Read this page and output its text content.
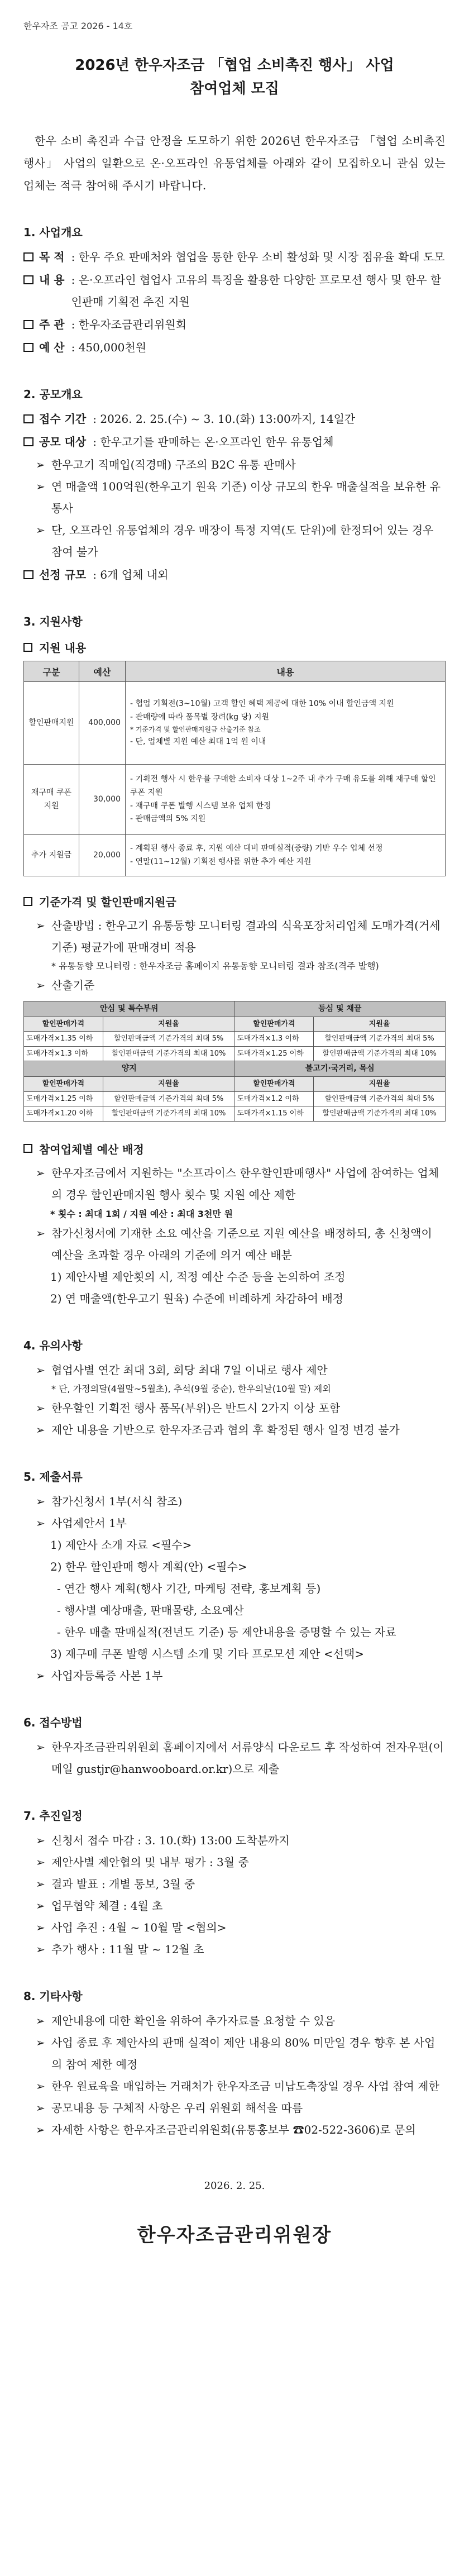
한우자조 공고 2026 - 14호
2026년 한우자조금 「협업 소비촉진 행사」 사업
참여업체 모집
한우 소비 촉진과 수급 안정을 도모하기 위한 2026년 한우자조금 「협업 소비촉진 행사」 사업의 일환으로 온·오프라인 유통업체를 아래와 같이 모집하오니 관심 있는 업체는 적극 참여해 주시기 바랍니다.
1. 사업개요
목 적 : 한우 주요 판매처와 협업을 통한 한우 소비 활성화 및 시장 점유율 확대 도모
내 용 : 온·오프라인 협업사 고유의 특징을 활용한 다양한 프로모션 행사 및 한우 할인판매 기획전 추진 지원
주 관 : 한우자조금관리위원회
예 산 : 450,000천원
2. 공모개요
접수 기간 : 2026. 2. 25.(수) ~ 3. 10.(화) 13:00까지, 14일간
공모 대상 : 한우고기를 판매하는 온·오프라인 한우 유통업체
➢ 한우고기 직매입(직경매) 구조의 B2C 유통 판매사
➢ 연 매출액 100억원(한우고기 원육 기준) 이상 규모의 한우 매출실적을 보유한 유통사
➢ 단, 오프라인 유통업체의 경우 매장이 특정 지역(도 단위)에 한정되어 있는 경우 참여 불가
선정 규모 : 6개 업체 내외
3. 지원사항
지원 내용
구분	예산	내용
할인판매지원	400,000	- 협업 기획전(3~10월) 고객 할인 혜택 제공에 대한 10% 이내 할인금액 지원
- 판매량에 따라 품목별 장려(kg 당) 지원
* 기준가격 및 할인판매지원금 산출기준 참조
- 단, 업체별 지원 예산 최대 1억 원 이내

재구매 쿠폰 지원	30,000	- 기획전 행사 시 한우를 구매한 소비자 대상 1~2주 내 추가 구매 유도를 위해 재구매 할인 쿠폰 지원
- 재구매 쿠폰 발행 시스템 보유 업체 한정
- 판매금액의 5% 지원

추가 지원금	20,000	- 계획된 행사 종료 후, 지원 예산 대비 판매실적(증량) 기반 우수 업체 선정
- 연말(11~12월) 기획전 행사를 위한 추가 예산 지원
기준가격 및 할인판매지원금
➢ 산출방법 : 한우고기 유통동향 모니터링 결과의 식육포장처리업체 도매가격(거세 기준) 평균가에 판매경비 적용
* 유통동향 모니터링 : 한우자조금 홈페이지 유통동향 모니터링 결과 참조(격주 발행)
➢ 산출기준
안심 및 특수부위		등심 및 채끝	
할인판매가격	지원율	할인판매가격	지원율
도매가격×1.35 이하	할인판매금액 기준가격의 최대 5%	도매가격×1.3 이하	할인판매금액 기준가격의 최대 5%
도매가격×1.3 이하	할인판매금액 기준가격의 최대 10%	도매가격×1.25 이하	할인판매금액 기준가격의 최대 10%
양지		불고기·국거리, 목심	
할인판매가격	지원율	할인판매가격	지원율
도매가격×1.25 이하	할인판매금액 기준가격의 최대 5%	도매가격×1.2 이하	할인판매금액 기준가격의 최대 5%
도매가격×1.20 이하	할인판매금액 기준가격의 최대 10%	도매가격×1.15 이하	할인판매금액 기준가격의 최대 10%
참여업체별 예산 배정
➢ 한우자조금에서 지원하는 "소프라이스 한우할인판매행사" 사업에 참여하는 업체의 경우 할인판매지원 행사 횟수 및 지원 예산 제한
* 횟수 : 최대 1회 / 지원 예산 : 최대 3천만 원
➢ 참가신청서에 기재한 소요 예산을 기준으로 지원 예산을 배정하되, 총 신청액이 예산을 초과할 경우 아래의 기준에 의거 예산 배분
1) 제안사별 제안횟의 시, 적정 예산 수준 등을 논의하여 조정
2) 연 매출액(한우고기 원육) 수준에 비례하게 차감하여 배정
4. 유의사항
➢ 협업사별 연간 최대 3회, 회당 최대 7일 이내로 행사 제안
* 단, 가정의달(4월말~5월초), 추석(9월 중순), 한우의날(10월 말) 제외
➢ 한우할인 기획전 행사 품목(부위)은 반드시 2가지 이상 포함
➢ 제안 내용을 기반으로 한우자조금과 협의 후 확정된 행사 일정 변경 불가
5. 제출서류
➢ 참가신청서 1부(서식 참조)
➢ 사업제안서 1부
1) 제안사 소개 자료 <필수>
2) 한우 할인판매 행사 계획(안) <필수>
- 연간 행사 계획(행사 기간, 마케팅 전략, 홍보계획 등)
- 행사별 예상매출, 판매물량, 소요예산
- 한우 매출 판매실적(전년도 기준) 등 제안내용을 증명할 수 있는 자료
3) 재구매 쿠폰 발행 시스템 소개 및 기타 프로모션 제안 <선택>
➢ 사업자등록증 사본 1부
6. 접수방법
➢ 한우자조금관리위원회 홈페이지에서 서류양식 다운로드 후 작성하여 전자우편(이메일 gustjr@hanwooboard.or.kr)으로 제출
7. 추진일정
➢ 신청서 접수 마감 : 3. 10.(화) 13:00 도착분까지
➢ 제안사별 제안협의 및 내부 평가 : 3월 중
➢ 결과 발표 : 개별 통보, 3월 중
➢ 업무협약 체결 : 4월 초
➢ 사업 추진 : 4월 ~ 10월 말 <협의>
➢ 추가 행사 : 11월 말 ~ 12월 초
8. 기타사항
➢ 제안내용에 대한 확인을 위하여 추가자료를 요청할 수 있음
➢ 사업 종료 후 제안사의 판매 실적이 제안 내용의 80% 미만일 경우 향후 본 사업의 참여 제한 예정
➢ 한우 원료육을 매입하는 거래처가 한우자조금 미납도축장일 경우 사업 참여 제한
➢ 공모내용 등 구체적 사항은 우리 위원회 해석을 따름
➢ 자세한 사항은 한우자조금관리위원회(유통홍보부 ☎02-522-3606)로 문의
2026. 2. 25.
한우자조금관리위원장
